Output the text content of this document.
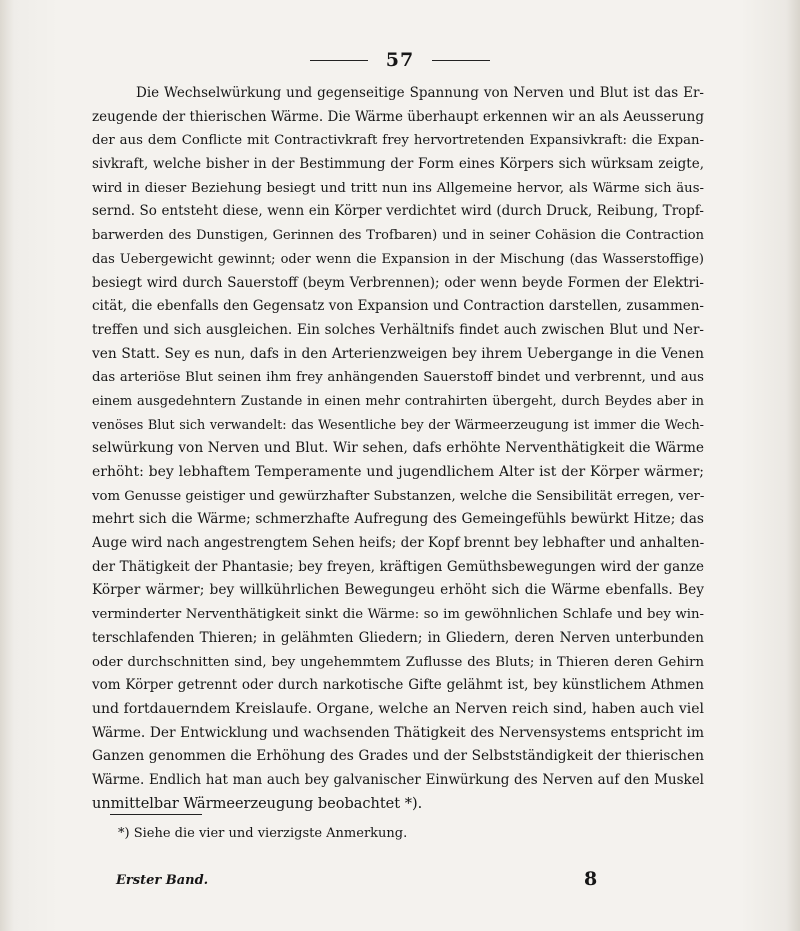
57
Die Wechselwürkung und gegenseitige Spannung von Nerven und Blut ist das Er-
zeugende der thierischen Wärme. Die Wärme überhaupt erkennen wir an als Aeusserung
der aus dem Conflicte mit Contractivkraft frey hervortretenden Expansivkraft: die Expan-
sivkraft, welche bisher in der Bestimmung der Form eines Körpers sich würksam zeigte,
wird in dieser Beziehung besiegt und tritt nun ins Allgemeine hervor, als Wärme sich äus-
sernd. So entsteht diese, wenn ein Körper verdichtet wird (durch Druck, Reibung, Tropf-
barwerden des Dunstigen, Gerinnen des Trofbaren) und in seiner Cohäsion die Contraction
das Uebergewicht gewinnt; oder wenn die Expansion in der Mischung (das Wasserstoffige)
besiegt wird durch Sauerstoff (beym Verbrennen); oder wenn beyde Formen der Elektri-
cität, die ebenfalls den Gegensatz von Expansion und Contraction darstellen, zusammen-
treffen und sich ausgleichen. Ein solches Verhältnifs findet auch zwischen Blut und Ner-
ven Statt. Sey es nun, dafs in den Arterienzweigen bey ihrem Uebergange in die Venen
das arteriöse Blut seinen ihm frey anhängenden Sauerstoff bindet und verbrennt, und aus
einem ausgedehntern Zustande in einen mehr contrahirten übergeht, durch Beydes aber in
venöses Blut sich verwandelt: das Wesentliche bey der Wärmeerzeugung ist immer die Wech-
selwürkung von Nerven und Blut. Wir sehen, dafs erhöhte Nerventhätigkeit die Wärme
erhöht: bey lebhaftem Temperamente und jugendlichem Alter ist der Körper wärmer;
vom Genusse geistiger und gewürzhafter Substanzen, welche die Sensibilität erregen, ver-
mehrt sich die Wärme; schmerzhafte Aufregung des Gemeingefühls bewürkt Hitze; das
Auge wird nach angestrengtem Sehen heifs; der Kopf brennt bey lebhafter und anhalten-
der Thätigkeit der Phantasie; bey freyen, kräftigen Gemüthsbewegungen wird der ganze
Körper wärmer; bey willkührlichen Bewegungeu erhöht sich die Wärme ebenfalls. Bey
verminderter Nerventhätigkeit sinkt die Wärme: so im gewöhnlichen Schlafe und bey win-
terschlafenden Thieren; in gelähmten Gliedern; in Gliedern, deren Nerven unterbunden
oder durchschnitten sind, bey ungehemmtem Zuflusse des Bluts; in Thieren deren Gehirn
vom Körper getrennt oder durch narkotische Gifte gelähmt ist, bey künstlichem Athmen
und fortdauerndem Kreislaufe. Organe, welche an Nerven reich sind, haben auch viel
Wärme. Der Entwicklung und wachsenden Thätigkeit des Nervensystems entspricht im
Ganzen genommen die Erhöhung des Grades und der Selbstständigkeit der thierischen
Wärme. Endlich hat man auch bey galvanischer Einwürkung des Nerven auf den Muskel
unmittelbar Wärmeerzeugung beobachtet *).
*) Siehe die vier und vierzigste Anmerkung.
Erster Band.	8
